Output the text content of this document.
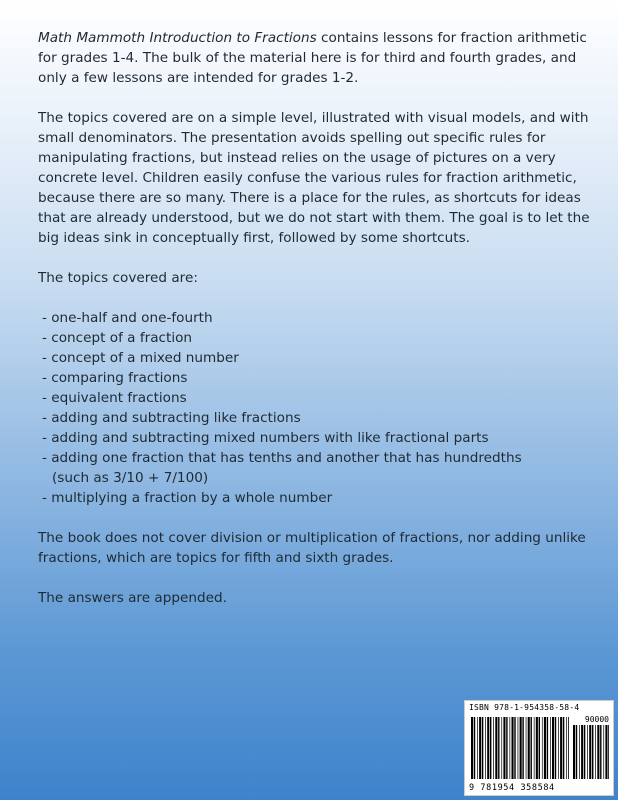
Math Mammoth Introduction to Fractions contains lessons for fraction arithmetic for grades 1-4. The bulk of the material here is for third and fourth grades, and only a few lessons are intended for grades 1-2.

The topics covered are on a simple level, illustrated with visual models, and with small denominators. The presentation avoids spelling out specific rules for manipulating fractions, but instead relies on the usage of pictures on a very concrete level. Children easily confuse the various rules for fraction arithmetic, because there are so many. There is a place for the rules, as shortcuts for ideas that are already understood, but we do not start with them. The goal is to let the big ideas sink in conceptually first, followed by some shortcuts.

The topics covered are:

- one-half and one-fourth
- concept of a fraction
- concept of a mixed number
- comparing fractions
- equivalent fractions
- adding and subtracting like fractions
- adding and subtracting mixed numbers with like fractional parts
- adding one fraction that has tenths and another that has hundredths
(such as 3/10 + 7/100)
- multiplying a fraction by a whole number

The book does not cover division or multiplication of fractions, nor adding unlike fractions, which are topics for fifth and sixth grades.

The answers are appended.

ISBN 978-1-954358-58-4
90000
9 781954 358584
